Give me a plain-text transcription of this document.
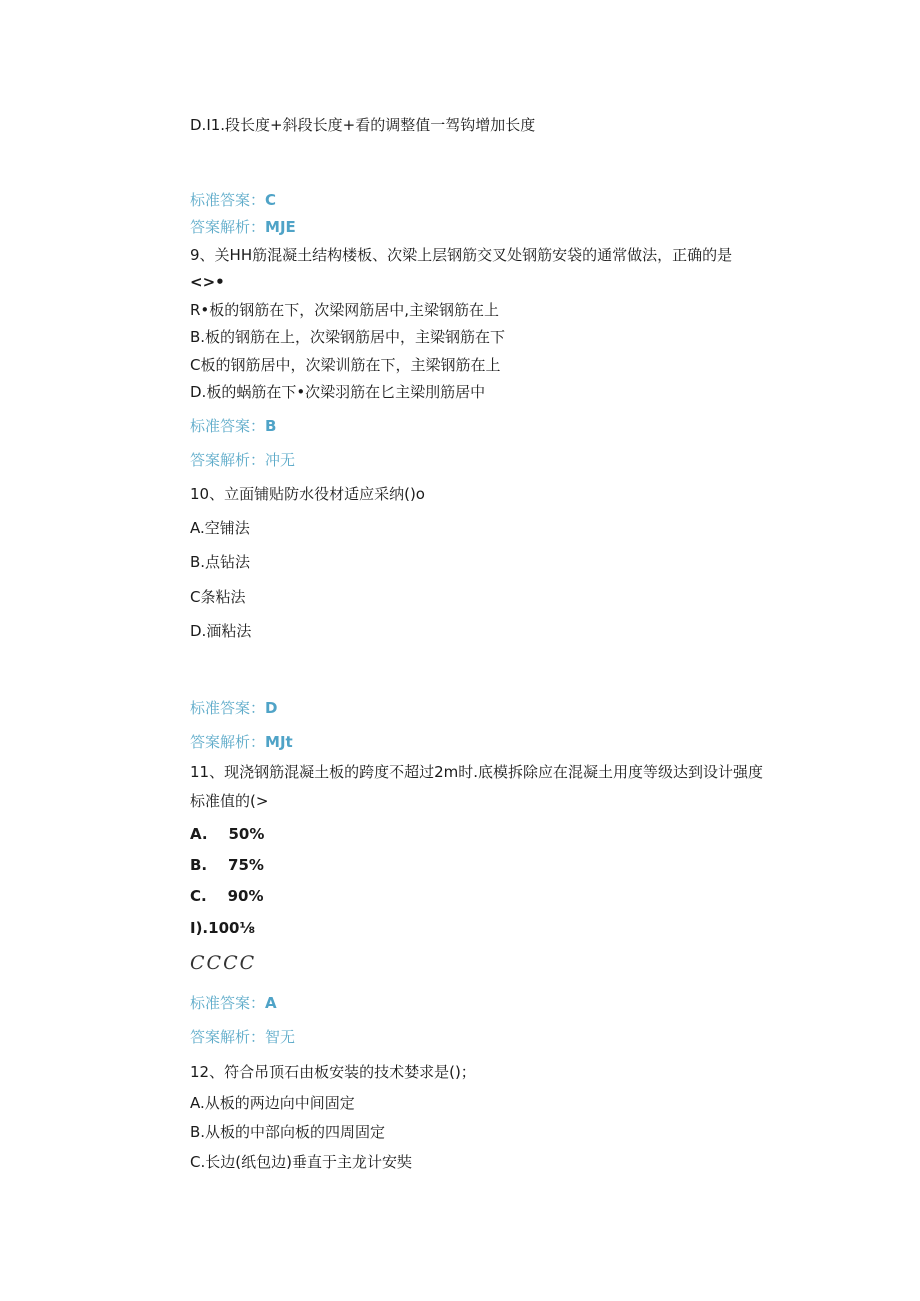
D.I1.段长度+斜段长度+看的调整值一驾钩增加长度
标准答案：C
答案解析：MJE
9、关HH筋混凝土结构楼板、次梁上层钢筋交叉处钢筋安袋的通常做法，正确的是
<>•
R•板的钢筋在下，次梁网筋居中,主梁钢筋在上
B.板的钢筋在上，次梁钢筋居中，主梁钢筋在下
C板的钢筋居中，次梁训筋在下，主梁钢筋在上
D.板的蜗筋在下•次梁羽筋在匕主梁刖筋居中
标准答案：B
答案解析：冲无
10、立面铺贴防水役材适应采纳()o
A.空铺法
B.点钻法
C条粘法
D.湎粘法
标准答案：D
答案解析：MJt
11、现浇钢筋混凝土板的跨度不超过2m时.底模拆除应在混凝土用度等级达到设计强度
标准值的(>
A.    50%
B.    75%
C.    90%
I).100⅛
CCCC
标准答案：A
答案解析：智无
12、符合吊顶石由板安装的技术婪求是()；
A.从板的两边向中间固定
B.从板的中部向板的四周固定
C.长边(纸包边)垂直于主龙计安奘
